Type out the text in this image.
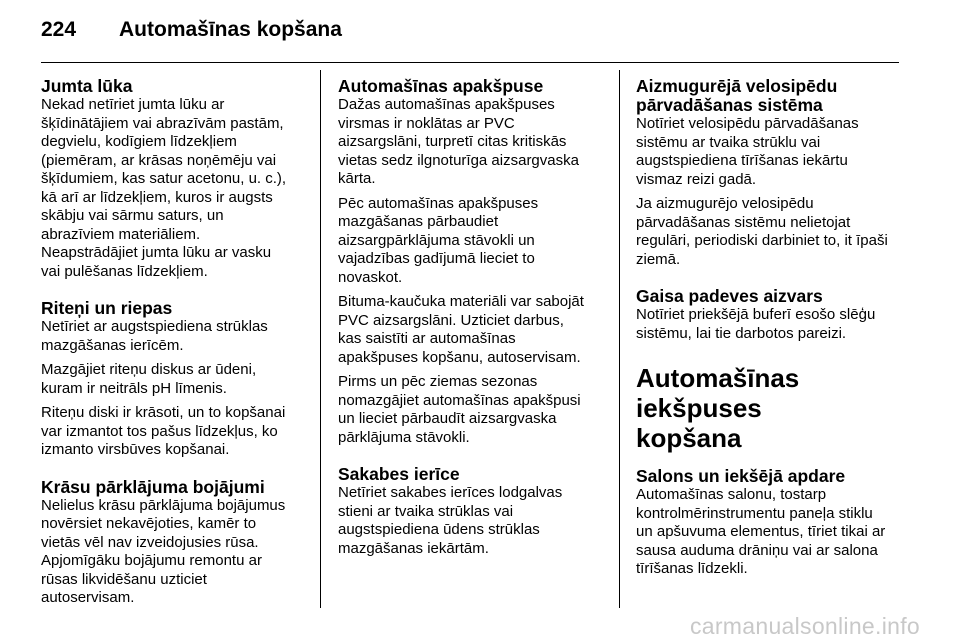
224	Automašīnas kopšana
Jumta lūka

Nekad netīriet jumta lūku ar
šķīdinātājiem vai abrazīvām pastām,
degvielu, kodīgiem līdzekļiem
(piemēram, ar krāsas noņēmēju vai
šķīdumiem, kas satur acetonu, u. c.),
kā arī ar līdzekļiem, kuros ir augsts
skābju vai sārmu saturs, un
abrazīviem materiāliem.
Neapstrādājiet jumta lūku ar vasku
vai pulēšanas līdzekļiem.

Riteņi un riepas

Netīriet ar augstspiediena strūklas
mazgāšanas ierīcēm.

Mazgājiet riteņu diskus ar ūdeni,
kuram ir neitrāls pH līmenis.

Riteņu diski ir krāsoti, un to kopšanai
var izmantot tos pašus līdzekļus, ko
izmanto virsbūves kopšanai.

Krāsu pārklājuma bojājumi

Nelielus krāsu pārklājuma bojājumus
novērsiet nekavējoties, kamēr to
vietās vēl nav izveidojusies rūsa.
Apjomīgāku bojājumu remontu ar
rūsas likvidēšanu uzticiet
autoservisam.

Automašīnas apakšpuse

Dažas automašīnas apakšpuses
virsmas ir noklātas ar PVC
aizsargslāni, turpretī citas kritiskās
vietas sedz ilgnoturīga aizsargvaska
kārta.

Pēc automašīnas apakšpuses
mazgāšanas pārbaudiet
aizsargpārklājuma stāvokli un
vajadzības gadījumā lieciet to
novaskot.

Bituma-kaučuka materiāli var sabojāt
PVC aizsargslāni. Uzticiet darbus,
kas saistīti ar automašīnas
apakšpuses kopšanu, autoservisam.

Pirms un pēc ziemas sezonas
nomazgājiet automašīnas apakšpusi
un lieciet pārbaudīt aizsargvaska
pārklājuma stāvokli.

Sakabes ierīce

Netīriet sakabes ierīces lodgalvas
stieni ar tvaika strūklas vai
augstspiediena ūdens strūklas
mazgāšanas iekārtām.

Aizmugurējā velosipēdu
pārvadāšanas sistēma

Notīriet velosipēdu pārvadāšanas
sistēmu ar tvaika strūklu vai
augstspiediena tīrīšanas iekārtu
vismaz reizi gadā.

Ja aizmugurējo velosipēdu
pārvadāšanas sistēmu nelietojat
regulāri, periodiski darbiniet to, it īpaši
ziemā.

Gaisa padeves aizvars

Notīriet priekšējā buferī esošo slēģu
sistēmu, lai tie darbotos pareizi.

Automašīnas iekšpuses
kopšana
Salons un iekšējā apdare

Automašīnas salonu, tostarp
kontrolmērinstrumentu paneļa stiklu
un apšuvuma elementus, tīriet tikai ar
sausa auduma drāniņu vai ar salona
tīrīšanas līdzekli.

carmanualsonline.info
